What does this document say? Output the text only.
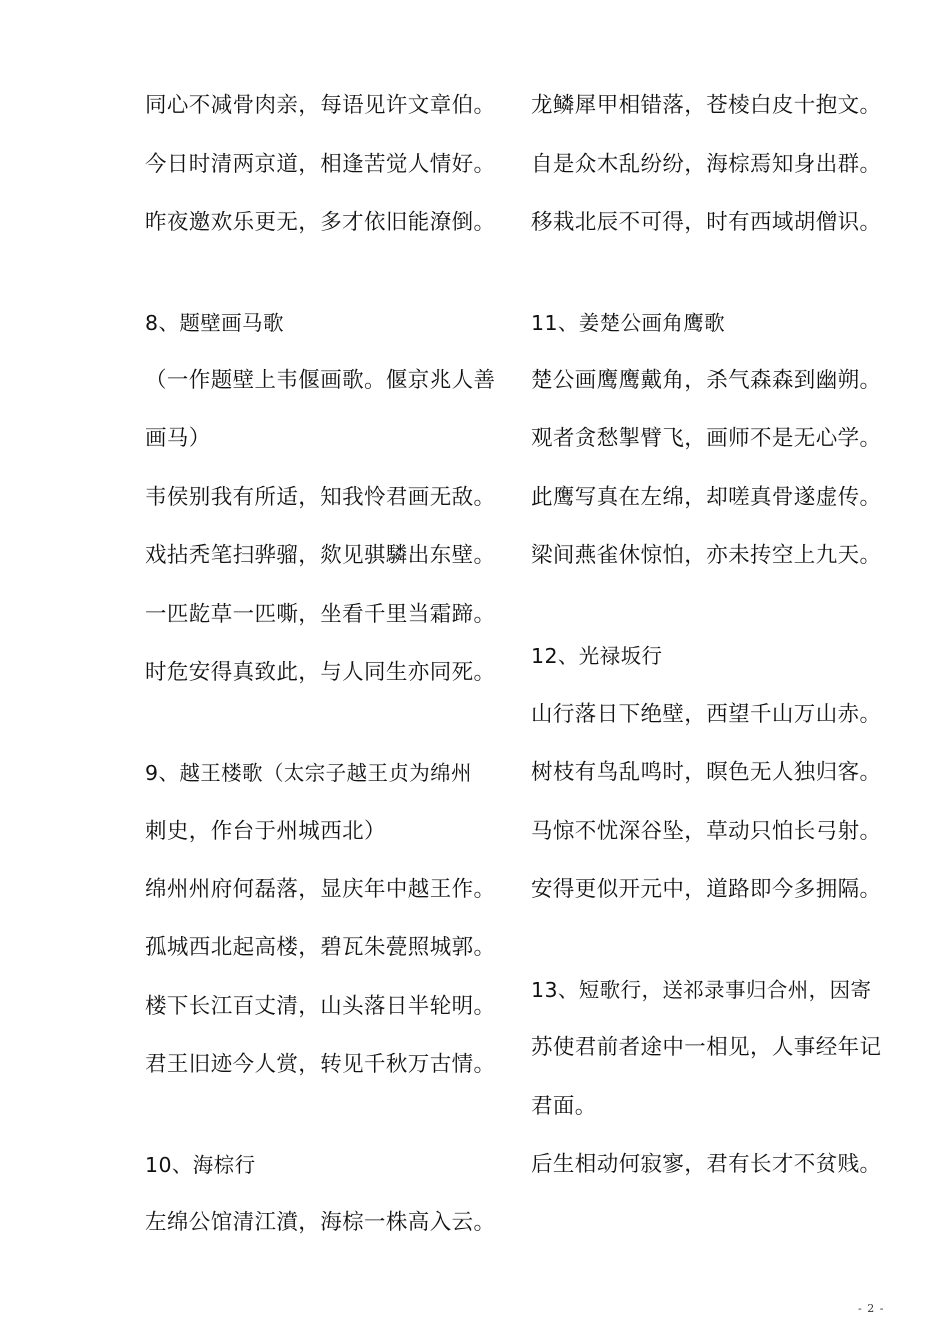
同心不减骨肉亲，每语见许文章伯。
今日时清两京道，相逢苦觉人情好。
昨夜邀欢乐更无，多才依旧能潦倒。
8、题壁画马歌
（一作题壁上韦偃画歌。偃京兆人善
画马）
韦侯别我有所适，知我怜君画无敌。
戏拈秃笔扫骅骝，欻见骐驎出东壁。
一匹龁草一匹嘶，坐看千里当霜蹄。
时危安得真致此，与人同生亦同死。
9、越王楼歌（太宗子越王贞为绵州
刺史，作台于州城西北）
绵州州府何磊落，显庆年中越王作。
孤城西北起高楼，碧瓦朱甍照城郭。
楼下长江百丈清，山头落日半轮明。
君王旧迹今人赏，转见千秋万古情。
10、海棕行
左绵公馆清江濆，海棕一株高入云。
龙鳞犀甲相错落，苍棱白皮十抱文。
自是众木乱纷纷，海棕焉知身出群。
移栽北辰不可得，时有西域胡僧识。
11、姜楚公画角鹰歌
楚公画鹰鹰戴角，杀气森森到幽朔。
观者贪愁掣臂飞，画师不是无心学。
此鹰写真在左绵，却嗟真骨遂虚传。
梁间燕雀休惊怕，亦未抟空上九天。
12、光禄坂行
山行落日下绝壁，西望千山万山赤。
树枝有鸟乱鸣时，暝色无人独归客。
马惊不忧深谷坠，草动只怕长弓射。
安得更似开元中，道路即今多拥隔。
13、短歌行，送祁录事归合州，因寄
苏使君前者途中一相见，人事经年记
君面。
后生相动何寂寥，君有长才不贫贱。
- 2 -
